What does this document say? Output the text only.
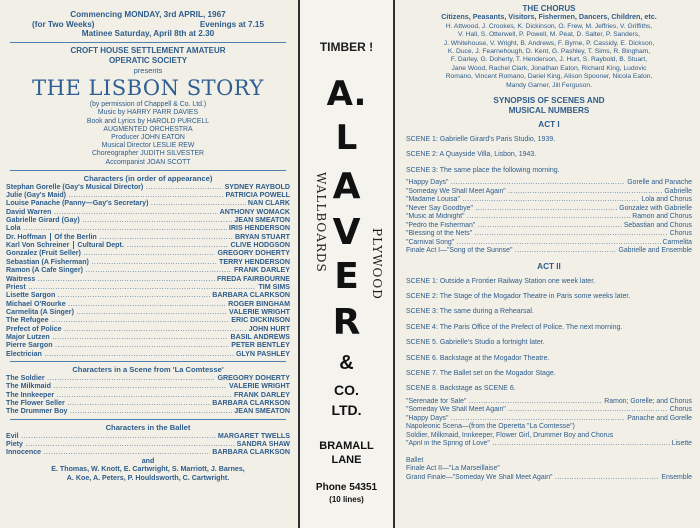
Commencing MONDAY, 3rd APRIL, 1967
(for Two Weeks)	Evenings at 7.15
Matinee Saturday, April 8th at 2.30
CROFT HOUSE SETTLEMENT AMATEUR
OPERATIC SOCIETY
presents
THE LISBON STORY
(by permission of Chappell & Co. Ltd.)
Music by HARRY PARR DAVIES
Book and Lyrics by HAROLD PURCELL
AUGMENTED ORCHESTRA
Producer JOHN EATON
Musical Director LESLIE REW
Choreographer JUDITH SILVESTER
Accompanist JOAN SCOTT
Characters (in order of appearance)
Stephan Gorelle (Gay's Musical Director) .....	SYDNEY RAYBOLD
Julie (Gay's Maid) .....	PATRICIA POWELL
Louise Panache (Panny—Gay's Secretary) .....	NAN CLARK
David Warren .....	ANTHONY WOMACK
Gabrielle Girard (Gay) .....	JEAN SMEATON
Lola .....	IRIS HENDERSON
Dr. Hoffman	Of the Berlin .....	BRYAN STUART
Karl Von Schreiner	Cultural Dept. .....	CLIVE HODGSON
Gonzalez (Fruit Seller) .....	GREGORY DOHERTY
Sebastian (A Fisherman) .....	TERRY HENDERSON
Ramon (A Cafe Singer) .....	FRANK DARLEY
Waitress .....	FREDA FAIRBOURNE
Priest .....	TIM SIMS
Lisette Sargon .....	BARBARA CLARKSON
Michael O'Rourke .....	ROGER BINGHAM
Carmelita (A Singer) .....	VALERIE WRIGHT
The Refugee .....	ERIC DICKINSON
Prefect of Police .....	JOHN HURT
Major Lutzen .....	BASIL ANDREWS
Pierre Sargon .....	PETER BENTLEY
Electrician .....	GLYN PASHLEY
Characters in a Scene from 'La Comtesse'
The Soldier .....	GREGORY DOHERTY
The Milkmaid .....	VALERIE WRIGHT
The Innkeeper .....	FRANK DARLEY
The Flower Seller .....	BARBARA CLARKSON
The Drummer Boy .....	JEAN SMEATON
Characters in the Ballet
Evil .....	MARGARET TWELLS
Piety .....	SANDRA SHAW
Innocence .....	BARBARA CLARKSON
and
E. Thomas, W. Knott, E. Cartwright, S. Marriott, J. Barnes,
A. Koe, A. Peters, P. Houldsworth, C. Cartwright.
TIMBER !
A.
L
A
V
E
R
WALLBOARDS	PLYWOOD
&
CO.
LTD.
BRAMALL
LANE
Phone 54351
(10 lines)
THE CHORUS
Citizens, Peasants, Visitors, Fishermen, Dancers, Children, etc.
H. Attwood, J. Crookes, K. Dickinson, O. Frew, M. Jeffries, V. Griffiths,
V. Hall, S. Otterwell, P. Powell, M. Peat, D. Salter, P. Sanders,
J. Whitehouse, V. Wright, B. Andrews, F. Byrne, P. Cassidy, E. Dickson,
K. Duce, J. Fearnehough, D. Kent, G. Pashley, T. Sims, R. Bingham,
F. Darley, G. Doherty, T. Henderson, J. Hurt, S. Raybold, B. Stuart,
Jane Wood, Rachel Clark, Jonathan Eaton, Richard King, Ludovic
Romano, Vincent Romano, Dariel King, Alison Spooner, Nicola Eaton,
Mandy Garner, Jill Ferguson.
SYNOPSIS OF SCENES AND
MUSICAL NUMBERS
ACT I
SCENE 1: Gabrielle Girard's Paris Studio, 1939.
SCENE 2: A Quayside Villa, Lisbon, 1943.
SCENE 3: The same place the following morning.
"Happy Days" .....	Gorelle and Panache
"Someday We Shall Meet Again" .....	Gabrielle
"Madame Louisa" .....	Lola and Chorus
"Never Say Goodbye" .....	Gonzalez with Gabrielle
"Music at Midnight" .....	Ramon and Chorus
"Pedro the Fisherman" .....	Sebastian and Chorus
"Blessing of the Nets" .....	Chorus
"Carnival Song" .....	Carmelita
Finale Act I—"Song of the Sunrise" .....	Gabrielle and Ensemble
ACT II
SCENE 1: Outside a Frontier Railway Station one week later.
SCENE 2: The Stage of the Mogador Theatre in Paris some weeks later.
SCENE 3: The same during a Rehearsal.
SCENE 4: The Paris Office of the Prefect of Police. The next morning.
SCENE 5. Gabrielle's Studio a fortnight later.
SCENE 6. Backstage at the Mogador Theatre.
SCENE 7. The Ballet set on the Mogador Stage.
SCENE 8. Backstage as SCENE 6.
"Serenade for Sale" .....	Ramon; Gorelle; and Chorus
"Someday We Shall Meet Again" .....	Chorus
"Happy Days" .....	Panache and Gorelle
Napoleonic Scena—(from the Operetta "La Comtesse")
Soldier, Milkmaid, Innkeeper, Flower Girl, Drummer Boy and Chorus
"April in the Spring of Love" .....	Lisette
Ballet
Finale Act II—"La Marseillaise"
Grand Finale—"Someday We Shall Meet Again" .....	Ensemble
